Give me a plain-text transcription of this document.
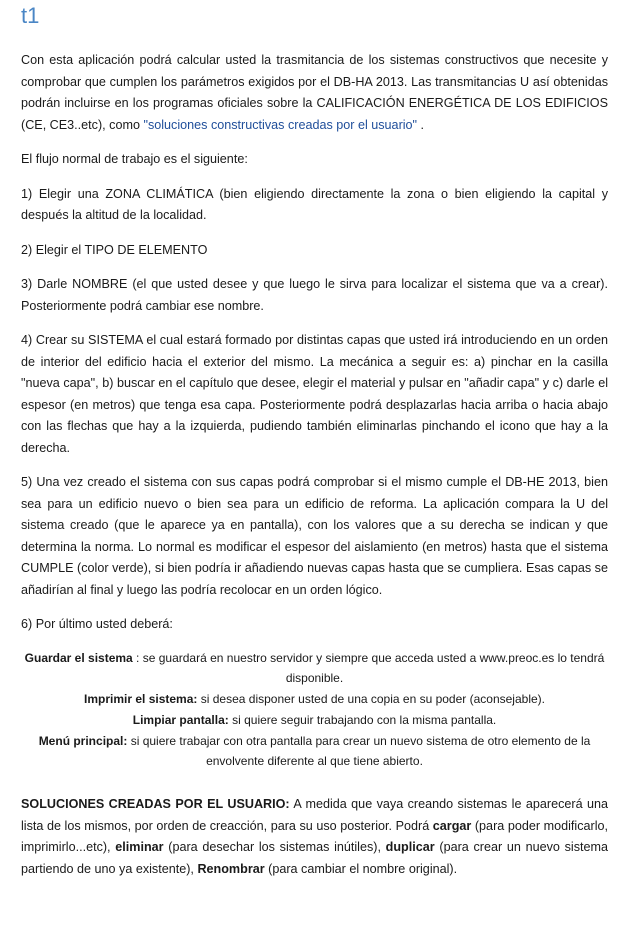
t1

Con esta aplicación podrá calcular usted la trasmitancia de los sistemas constructivos que necesite y comprobar que cumplen los parámetros exigidos por el DB-HA 2013. Las transmitancias U así obtenidas podrán incluirse en los programas oficiales sobre la CALIFICACIÓN ENERGÉTICA DE LOS EDIFICIOS (CE, CE3..etc), como "soluciones constructivas creadas por el usuario" .

El flujo normal de trabajo es el siguiente:

1) Elegir una ZONA CLIMÁTICA (bien eligiendo directamente la zona o bien eligiendo la capital y después la altitud de la localidad.

2) Elegir el TIPO DE ELEMENTO

3) Darle NOMBRE (el que usted desee y que luego le sirva para localizar el sistema que va a crear). Posteriormente podrá cambiar ese nombre.

4) Crear su SISTEMA el cual estará formado por distintas capas que usted irá introduciendo en un orden de interior del edificio hacia el exterior del mismo. La mecánica a seguir es: a) pinchar en la casilla "nueva capa", b) buscar en el capítulo que desee, elegir el material y pulsar en "añadir capa" y c) darle el espesor (en metros) que tenga esa capa. Posteriormente podrá desplazarlas hacia arriba o hacia abajo con las flechas que hay a la izquierda, pudiendo también eliminarlas pinchando el icono que hay a la derecha.

5) Una vez creado el sistema con sus capas podrá comprobar si el mismo cumple el DB-HE 2013, bien sea para un edificio nuevo o bien sea para un edificio de reforma. La aplicación compara la U del sistema creado (que le aparece ya en pantalla), con los valores que a su derecha se indican y que determina la norma. Lo normal es modificar el espesor del aislamiento (en metros) hasta que el sistema CUMPLE (color verde), si bien podría ir añadiendo nuevas capas hasta que se cumpliera. Esas capas se añadirían al final y luego las podría recolocar en un orden lógico.

6) Por último usted deberá:

Guardar el sistema : se guardará en nuestro servidor y siempre que acceda usted a www.preoc.es lo tendrá disponible.
Imprimir el sistema: si desea disponer usted de una copia en su poder (aconsejable).
Limpiar pantalla: si quiere seguir trabajando con la misma pantalla.
Menú principal: si quiere trabajar con otra pantalla para crear un nuevo sistema de otro elemento de la envolvente diferente al que tiene abierto.

SOLUCIONES CREADAS POR EL USUARIO: A medida que vaya creando sistemas le aparecerá una lista de los mismos, por orden de creacción, para su uso posterior. Podrá cargar (para poder modificarlo, imprimirlo...etc), eliminar (para desechar los sistemas inútiles), duplicar (para crear un nuevo sistema partiendo de uno ya existente), Renombrar (para cambiar el nombre original).
